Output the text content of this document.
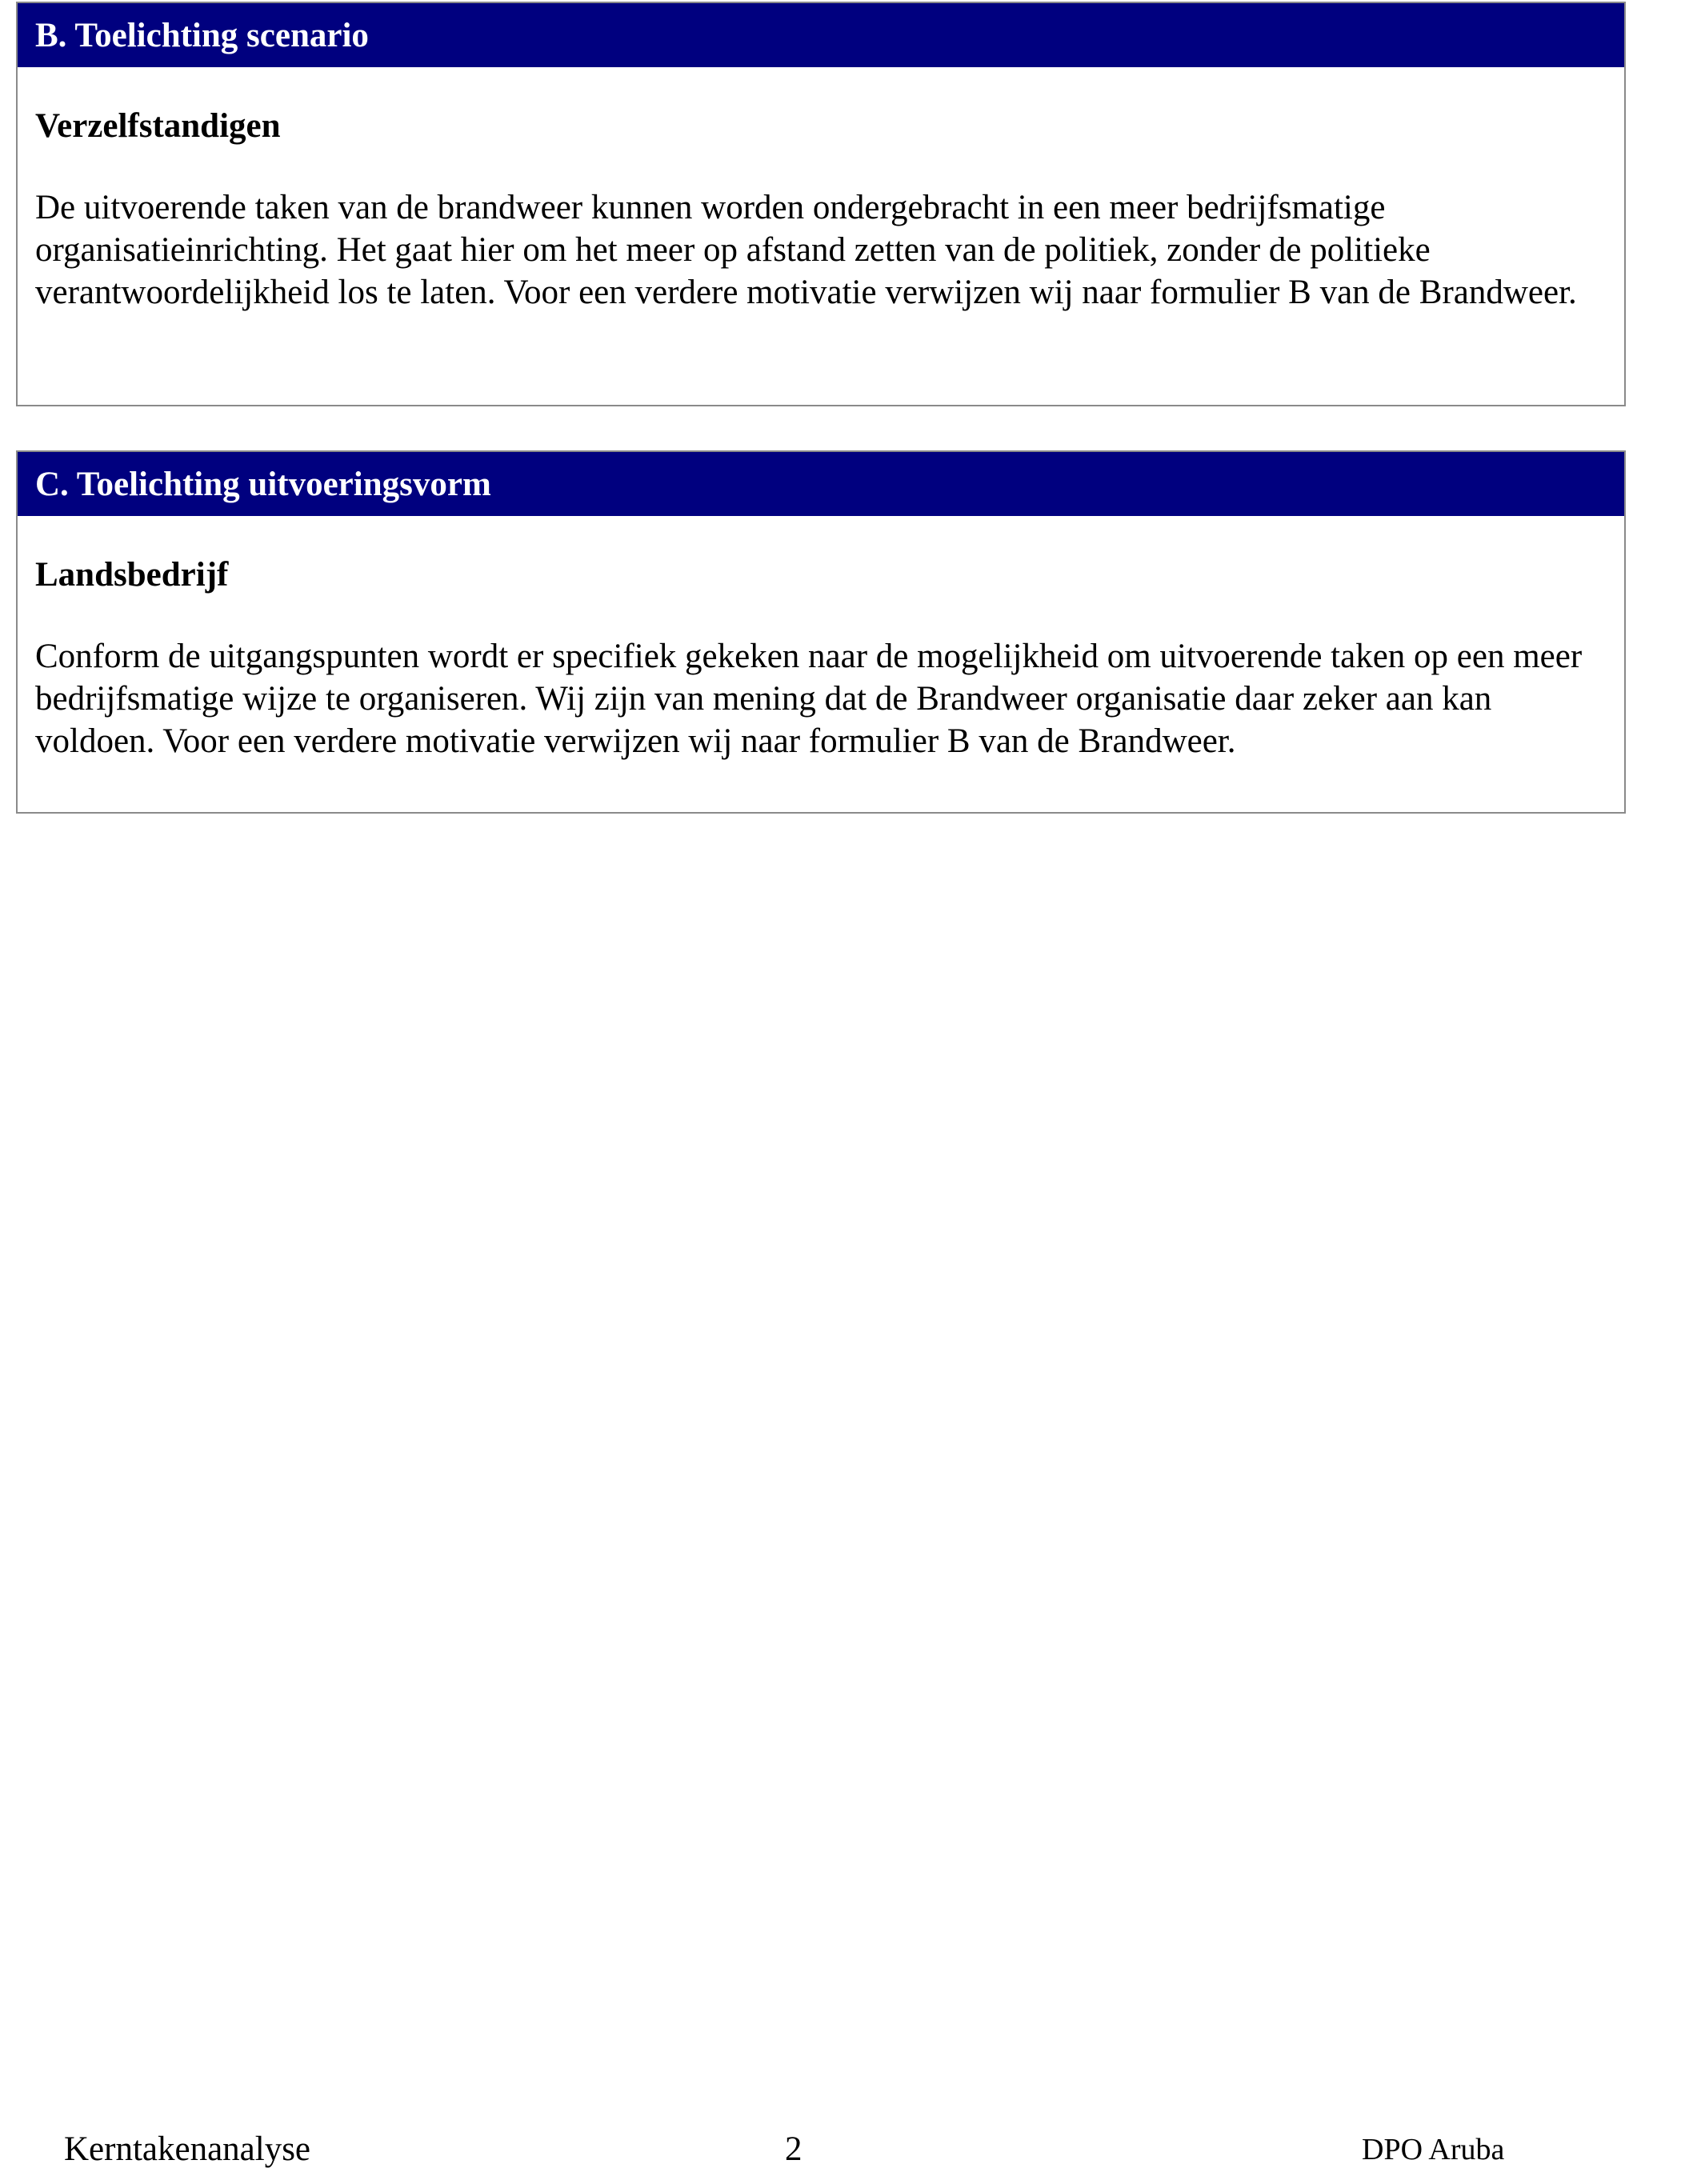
B. Toelichting scenario

Verzelfstandigen

De uitvoerende taken van de brandweer kunnen worden ondergebracht in een meer bedrijfsmatige organisatieinrichting. Het gaat hier om het meer op afstand zetten van de politiek, zonder de politieke verantwoordelijkheid los te laten. Voor een verdere motivatie verwijzen wij naar formulier B van de Brandweer.

C. Toelichting uitvoeringsvorm

Landsbedrijf

Conform de uitgangspunten wordt er specifiek gekeken naar de mogelijkheid om uitvoerende taken op een meer bedrijfsmatige wijze te organiseren. Wij zijn van mening dat de Brandweer organisatie daar zeker aan kan voldoen. Voor een verdere motivatie verwijzen wij naar formulier B van de Brandweer.

Kerntakenanalyse	2	DPO Aruba
